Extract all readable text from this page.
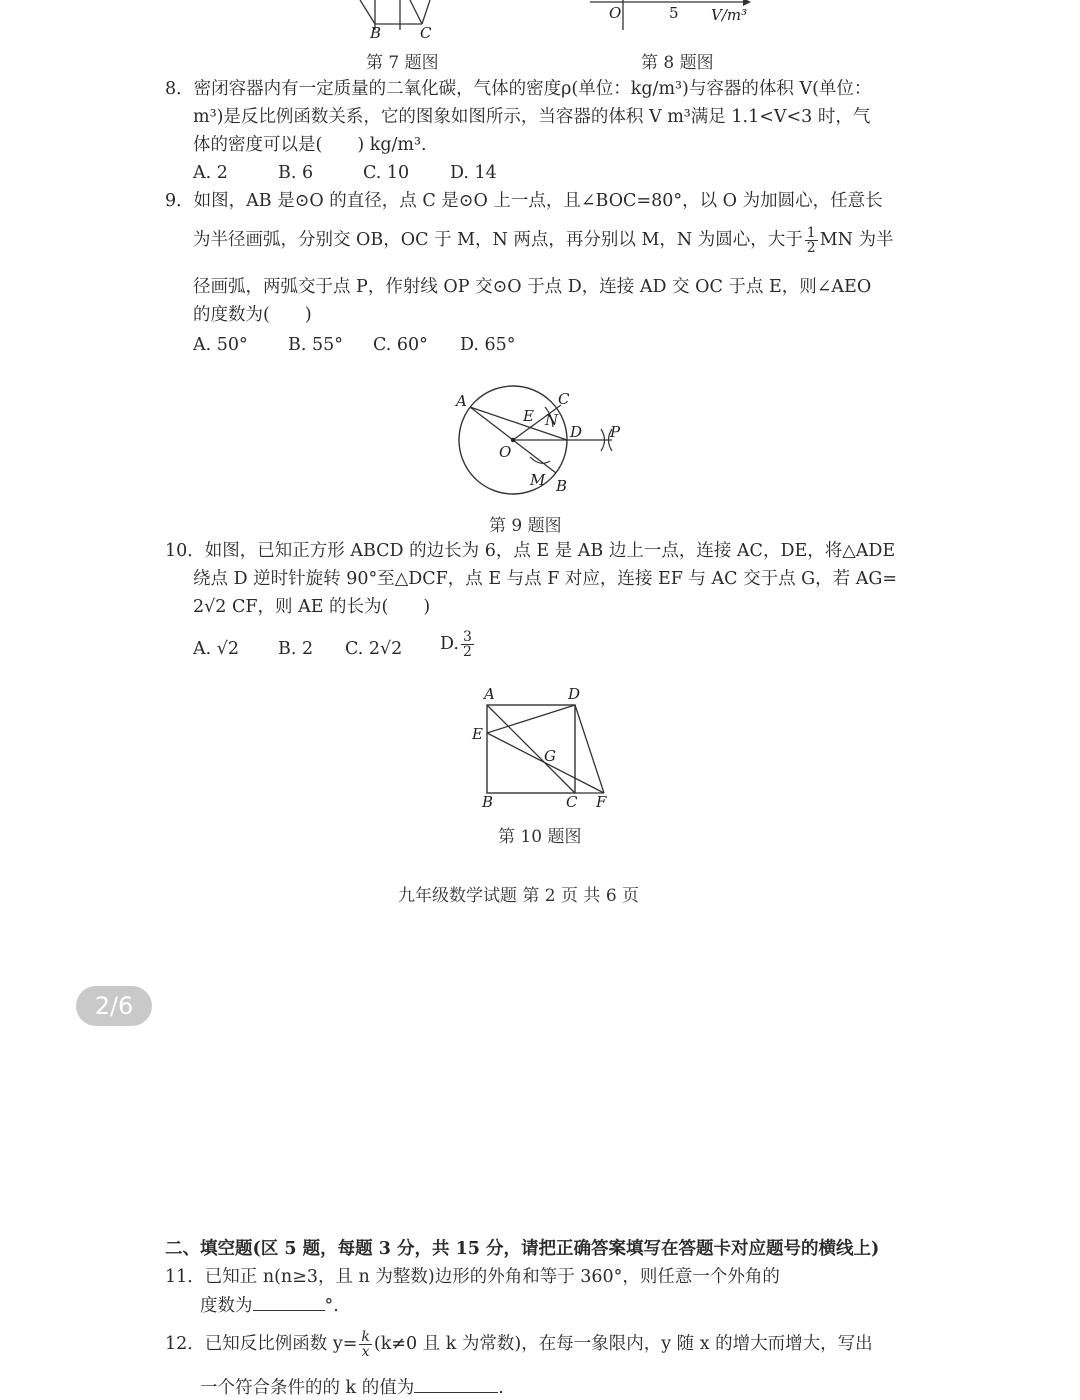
B	C
第 7 题图
O	5 V/m³
第 8 题图
8．密闭容器内有一定质量的二氧化碳，气体的密度ρ(单位：kg/m³)与容器的体积 V(单位：
m³)是反比例函数关系，它的图象如图所示，当容器的体积 V m³满足 1.1<V<3 时，气
体的密度可以是(　　) kg/m³.
A. 2	B. 6	C. 10 D. 14
9．如图，AB 是⊙O 的直径，点 C 是⊙O 上一点，且∠BOC=80°，以 O 为加圆心，任意长
为半径画弧，分别交 OB，OC 于 M，N 两点，再分别以 M，N 为圆心，大于 $\frac{1}{2}$ MN 为半
径画弧，两弧交于点 P，作射线 OP 交⊙O 于点 D，连接 AD 交 OC 于点 E，则∠AEO
的度数为(　　)
A. 50° B. 55° C. 60° D. 65°
A	C
E N
D P
O
M B
第 9 题图
10．如图，已知正方形 ABCD 的边长为 6，点 E 是 AB 边上一点，连接 AC，DE，将△ADE
绕点 D 逆时针旋转 90°至△DCF，点 E 与点 F 对应，连接 EF 与 AC 交于点 G，若 AG=
2√2 CF，则 AE 的长为(　　)
A. √2 B. 2 C. 2√2 D. $\frac{3}{2}$
A	D
E
G
B	C F
第 10 题图
九年级数学试题 第 2 页 共 6 页
2/6
二、填空题(区 5 题，每题 3 分，共 15 分，请把正确答案填写在答题卡对应题号的横线上)
11．已知正 n(n≥3，且 n 为整数)边形的外角和等于 360°，则任意一个外角的
度数为	°.
12．已知反比例函数 $y= \frac{k}{x} (k\ne 0$ 且 k 为常数)，在每一象限内，y 随 x 的增大而增大，写出
一个符合条件的的 k 的值为	.
